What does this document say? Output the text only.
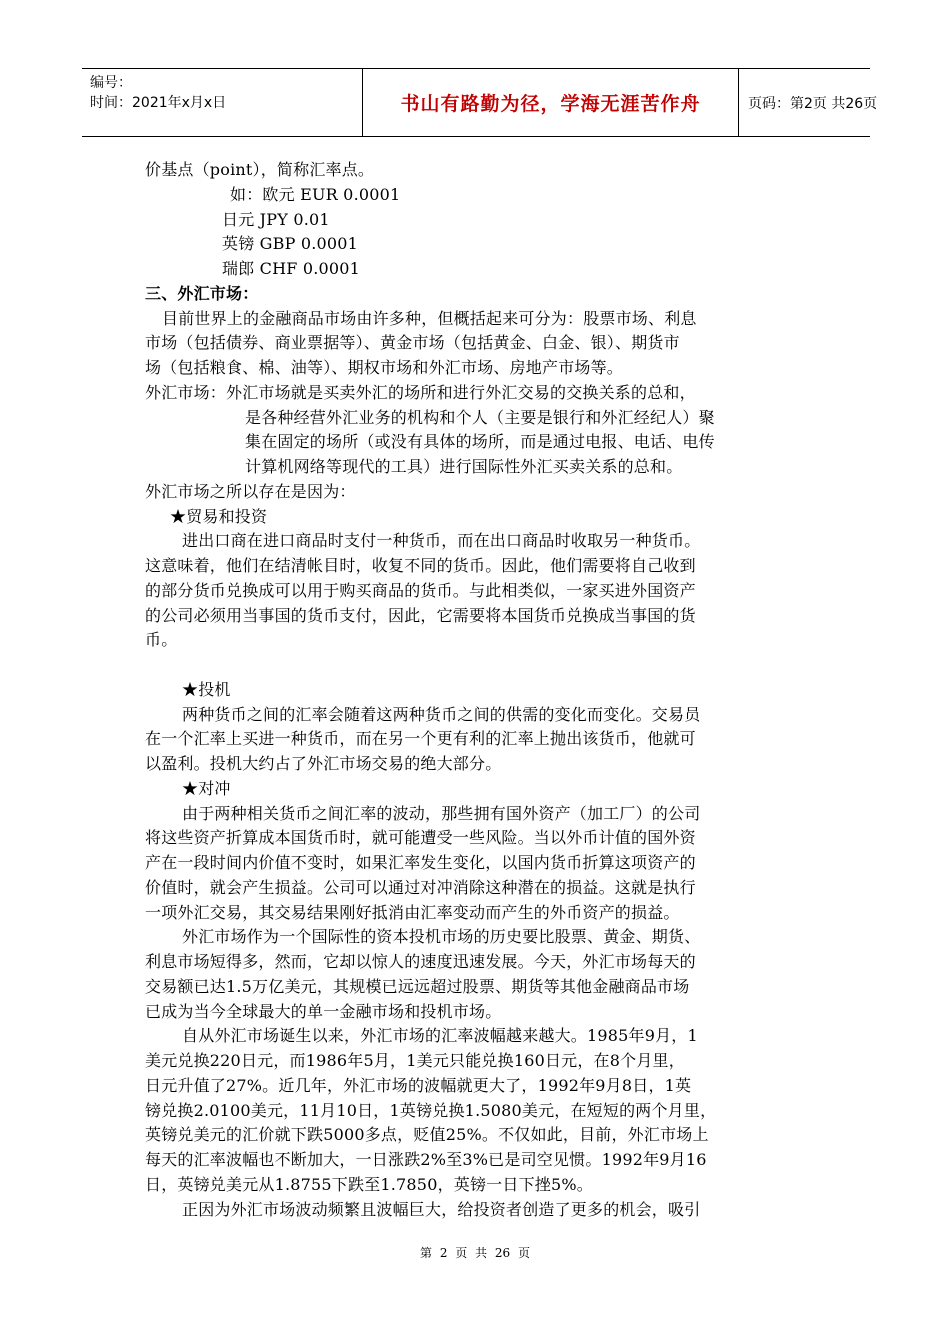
编号：
时间：2021年x月x日	书山有路勤为径，学海无涯苦作舟	页码：第2页 共26页
价基点（point），简称汇率点。
如：欧元 EUR 0.0001
日元 JPY 0.01
英镑 GBP 0.0001
瑞郎 CHF 0.0001
三、外汇市场：
目前世界上的金融商品市场由许多种，但概括起来可分为：股票市场、利息
市场（包括债券、商业票据等）、黄金市场（包括黄金、白金、银）、期货市
场（包括粮食、棉、油等）、期权市场和外汇市场、房地产市场等。
外汇市场：外汇市场就是买卖外汇的场所和进行外汇交易的交换关系的总和，
是各种经营外汇业务的机构和个人（主要是银行和外汇经纪人）聚
集在固定的场所（或没有具体的场所，而是通过电报、电话、电传
计算机网络等现代的工具）进行国际性外汇买卖关系的总和。
外汇市场之所以存在是因为：
★贸易和投资
进出口商在进口商品时支付一种货币，而在出口商品时收取另一种货币。
这意味着，他们在结清帐目时，收复不同的货币。因此，他们需要将自己收到
的部分货币兑换成可以用于购买商品的货币。与此相类似，一家买进外国资产
的公司必须用当事国的货币支付，因此，它需要将本国货币兑换成当事国的货
币。
★投机
两种货币之间的汇率会随着这两种货币之间的供需的变化而变化。交易员
在一个汇率上买进一种货币，而在另一个更有利的汇率上抛出该货币，他就可
以盈利。投机大约占了外汇市场交易的绝大部分。
★对冲
由于两种相关货币之间汇率的波动，那些拥有国外资产（加工厂）的公司
将这些资产折算成本国货币时，就可能遭受一些风险。当以外币计值的国外资
产在一段时间内价值不变时，如果汇率发生变化，以国内货币折算这项资产的
价值时，就会产生损益。公司可以通过对冲消除这种潜在的损益。这就是执行
一项外汇交易，其交易结果刚好抵消由汇率变动而产生的外币资产的损益。
外汇市场作为一个国际性的资本投机市场的历史要比股票、黄金、期货、
利息市场短得多，然而，它却以惊人的速度迅速发展。今天，外汇市场每天的
交易额已达1.5万亿美元，其规模已远远超过股票、期货等其他金融商品市场
已成为当今全球最大的单一金融市场和投机市场。
自从外汇市场诞生以来，外汇市场的汇率波幅越来越大。1985年9月，1
美元兑换220日元，而1986年5月，1美元只能兑换160日元，在8个月里，
日元升值了27%。近几年，外汇市场的波幅就更大了，1992年9月8日，1英
镑兑换2.0100美元，11月10日，1英镑兑换1.5080美元，在短短的两个月里，
英镑兑美元的汇价就下跌5000多点，贬值25%。不仅如此，目前，外汇市场上
每天的汇率波幅也不断加大，一日涨跌2%至3%已是司空见惯。1992年9月16
日，英镑兑美元从1.8755下跌至1.7850，英镑一日下挫5%。
正因为外汇市场波动频繁且波幅巨大，给投资者创造了更多的机会，吸引
第 2 页 共 26 页
